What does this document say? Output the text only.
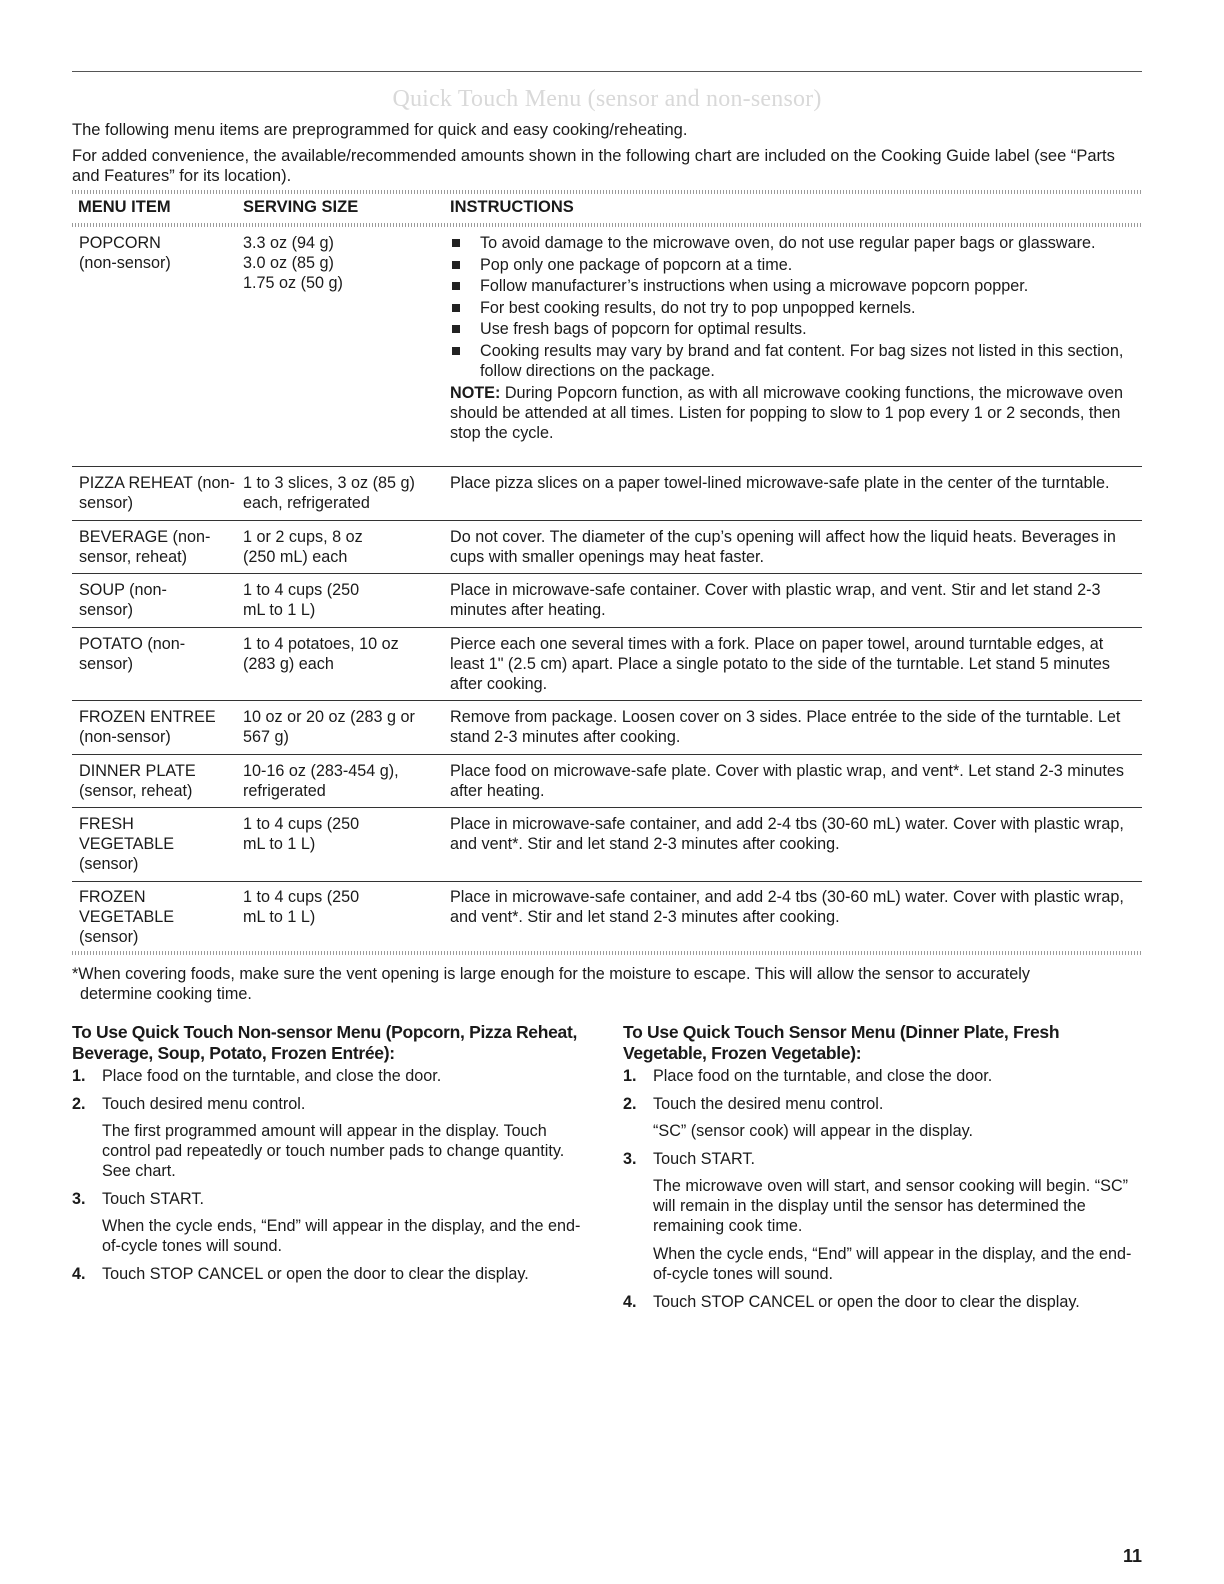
Quick Touch Menu (sensor and non-sensor)
The following menu items are preprogrammed for quick and easy cooking/reheating.
For added convenience, the available/recommended amounts shown in the following chart are included on the Cooking Guide label (see “Parts and Features” for its location).
MENU ITEM	SERVING SIZE	INSTRUCTIONS
POPCORN
(non-sensor)
3.3 oz (94 g)
3.0 oz (85 g)
1.75 oz (50 g)
To avoid damage to the microwave oven, do not use regular paper bags or glassware.
Pop only one package of popcorn at a time.
Follow manufacturer’s instructions when using a microwave popcorn popper.
For best cooking results, do not try to pop unpopped kernels.
Use fresh bags of popcorn for optimal results.
Cooking results may vary by brand and fat content. For bag sizes not listed in this section, follow directions on the package.
NOTE: During Popcorn function, as with all microwave cooking functions, the microwave oven should be attended at all times. Listen for popping to slow to 1 pop every 1 or 2 seconds, then stop the cycle.
PIZZA REHEAT (non-sensor)
1 to 3 slices, 3 oz (85 g) each, refrigerated
Place pizza slices on a paper towel-lined microwave-safe plate in the center of the turntable.
BEVERAGE (non-sensor, reheat)
1 or 2 cups, 8 oz (250 mL) each
Do not cover. The diameter of the cup’s opening will affect how the liquid heats. Beverages in cups with smaller openings may heat faster.
SOUP (non-sensor)
1 to 4 cups (250 mL to 1 L)
Place in microwave-safe container. Cover with plastic wrap, and vent. Stir and let stand 2-3 minutes after heating.
POTATO (non-sensor)
1 to 4 potatoes, 10 oz (283 g) each
Pierce each one several times with a fork. Place on paper towel, around turntable edges, at least 1" (2.5 cm) apart. Place a single potato to the side of the turntable. Let stand 5 minutes after cooking.
FROZEN ENTREE (non-sensor)
10 oz or 20 oz (283 g or 567 g)
Remove from package. Loosen cover on 3 sides. Place entrée to the side of the turntable. Let stand 2-3 minutes after cooking.
DINNER PLATE (sensor, reheat)
10-16 oz (283-454 g), refrigerated
Place food on microwave-safe plate. Cover with plastic wrap, and vent*. Let stand 2-3 minutes after heating.
FRESH VEGETABLE (sensor)
1 to 4 cups (250 mL to 1 L)
Place in microwave-safe container, and add 2-4 tbs (30-60 mL) water. Cover with plastic wrap, and vent*. Stir and let stand 2-3 minutes after cooking.
FROZEN VEGETABLE (sensor)
1 to 4 cups (250 mL to 1 L)
Place in microwave-safe container, and add 2-4 tbs (30-60 mL) water. Cover with plastic wrap, and vent*. Stir and let stand 2-3 minutes after cooking.
*When covering foods, make sure the vent opening is large enough for the moisture to escape. This will allow the sensor to accurately
determine cooking time.
To Use Quick Touch Non-sensor Menu (Popcorn, Pizza Reheat, Beverage, Soup, Potato, Frozen Entrée):
1. Place food on the turntable, and close the door.
2. Touch desired menu control.

The first programmed amount will appear in the display. Touch control pad repeatedly or touch number pads to change quantity. See chart.

3. Touch START.

When the cycle ends, “End” will appear in the display, and the end-of-cycle tones will sound.

4. Touch STOP CANCEL or open the door to clear the display.
To Use Quick Touch Sensor Menu (Dinner Plate, Fresh Vegetable, Frozen Vegetable):
1. Place food on the turntable, and close the door.
2. Touch the desired menu control.

“SC” (sensor cook) will appear in the display.

3. Touch START.

The microwave oven will start, and sensor cooking will begin. “SC” will remain in the display until the sensor has determined the remaining cook time.

When the cycle ends, “End” will appear in the display, and the end-of-cycle tones will sound.

4. Touch STOP CANCEL or open the door to clear the display.
11
